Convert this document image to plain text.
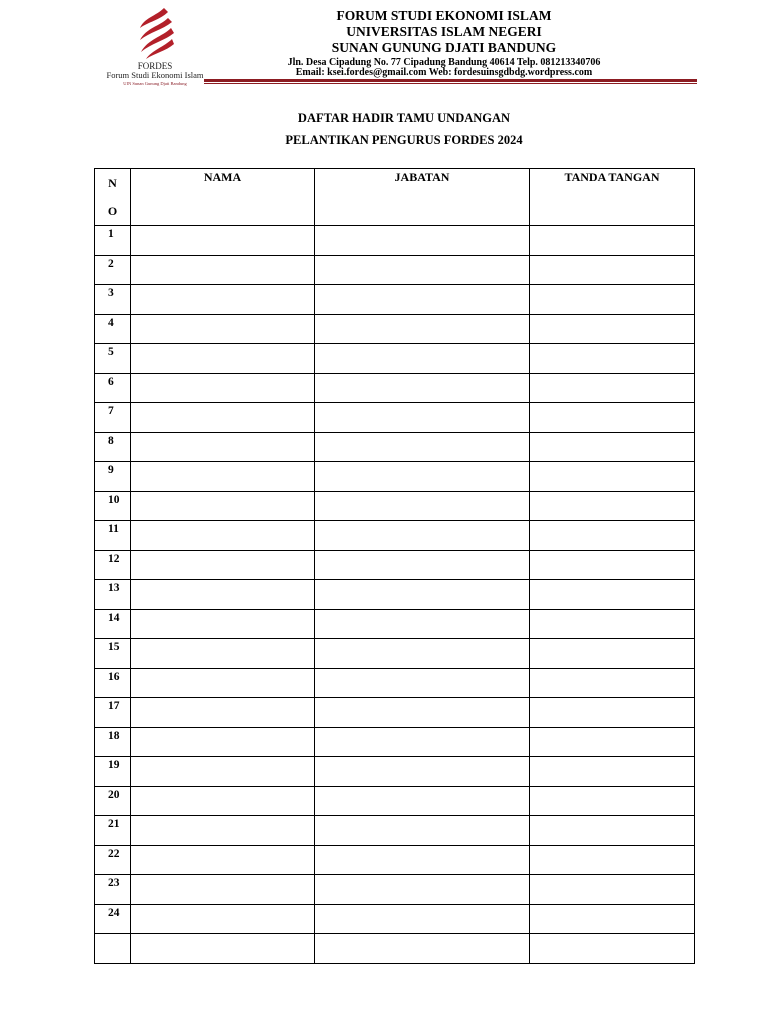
FORDES
Forum Studi Ekonomi Islam
UIN Sunan Gunung Djati Bandung
FORUM STUDI EKONOMI ISLAM
UNIVERSITAS ISLAM NEGERI
SUNAN GUNUNG DJATI BANDUNG
Jln. Desa Cipadung No. 77 Cipadung Bandung 40614 Telp. 081213340706
Email: ksei.fordes@gmail.com Web: fordesuinsgdbdg.wordpress.com
DAFTAR HADIR TAMU UNDANGAN
PELANTIKAN PENGURUS FORDES 2024
N
O	NAMA	JABATAN	TANDA TANGAN

1			
2			
3			
4			
5			
6			
7			
8			
9			
10			
11			
12			
13			
14			
15			
16			
17			
18			
19			
20			
21			
22			
23			
24			
